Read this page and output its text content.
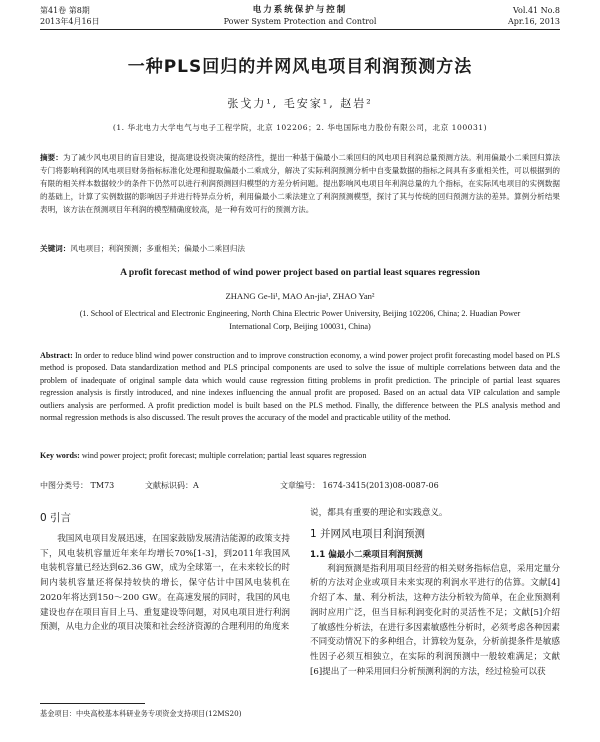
第41卷 第8期
2013年4月16日
电力系统保护与控制
Power System Protection and Control
Vol.41 No.8
Apr.16, 2013
一种PLS回归的并网风电项目利润预测方法
张戈力¹, 毛安家¹, 赵岩²
(1. 华北电力大学电气与电子工程学院，北京 102206；2. 华电国际电力股份有限公司，北京 100031)
摘要：为了减少风电项目的盲目建设，提高建设投资决策的经济性，提出一种基于偏最小二乘回归的风电项目利润总量预测方法。利用偏最小二乘回归算法专门将影响利润的风电项目财务指标标准化处理和提取偏最小二乘成分，解决了实际利润预测分析中自变量数据的指标之间具有多重相关性，可以根据到的有限的相关样本数据较少的条件下仍然可以进行利润预测回归模型的方差分析问题。提出影响风电项目年利润总量的九个指标，在实际风电项目的实例数据的基础上，计算了实例数据的影响因子并进行特异点分析，利用偏最小二乘法建立了利润预测模型，探讨了其与传统的回归预测方法的差异。算例分析结果表明，该方法在预测项目年利润的模型精确度较高，是一种有效可行的预测方法。
关键词：风电项目；利润预测；多重相关；偏最小二乘回归法
A profit forecast method of wind power project based on partial least squares regression
ZHANG Ge-li¹, MAO An-jia¹, ZHAO Yan²
(1. School of Electrical and Electronic Engineering, North China Electric Power University, Beijing 102206, China; 2. Huadian Power International Corp, Beijing 100031, China)
Abstract: In order to reduce blind wind power construction and to improve construction economy, a wind power project profit forecasting model based on PLS method is proposed. Data standardization method and PLS principal components are used to solve the issue of multiple correlations between data and the problem of inadequate of original sample data which would cause regression fitting problems in profit prediction. The principle of partial least squares regression analysis is firstly introduced, and nine indexes influencing the annual profit are proposed. Based on an actual data VIP calculation and sample outliers analysis are performed. A profit prediction model is built based on the PLS method. Finally, the difference between the PLS analysis method and normal regression methods is also discussed. The result proves the accuracy of the model and practicable utility of the method.
Key words: wind power project; profit forecast; multiple correlation; partial least squares regression
中图分类号： TM73	文献标识码：A	文章编号： 1674-3415(2013)08-0087-06
0 引言

我国风电项目发展迅速，在国家鼓励发展清洁能源的政策支持下，风电装机容量近年来年均增长70%[1-3]，到2011年我国风电装机容量已经达到62.36 GW，成为全球第一，在未来较长的时间内装机容量还将保持较快的增长，保守估计中国风电装机在2020年将达到150～200 GW。在高速发展的同时，我国的风电建设也存在项目盲目上马、重复建设等问题，对风电项目进行利润预测，从电力企业的项目决策和社会经济资源的合理利用的角度来

说，都具有重要的理论和实践意义。

1 并网风电项目利润预测
1.1 偏最小二乘项目利润预测

利润预测是指利用项目经营的相关财务指标信息，采用定量分析的方法对企业或项目未来实现的利润水平进行的估算。文献[4]介绍了本、量、利分析法，这种方法分析较为简单，在企业预测利润时应用广泛，但当目标利润变化时的灵活性不足；文献[5]介绍了敏感性分析法，在进行多因素敏感性分析时，必须考虑各种因素不同变动情况下的多种组合，计算较为复杂，分析前提条件是敏感性因子必须互相独立，在实际的利润预测中一般较难满足；文献[6]提出了一种采用回归分析预测利润的方法，经过检验可以获

基金项目：中央高校基本科研业务专项资金支持项目(12MS20)
